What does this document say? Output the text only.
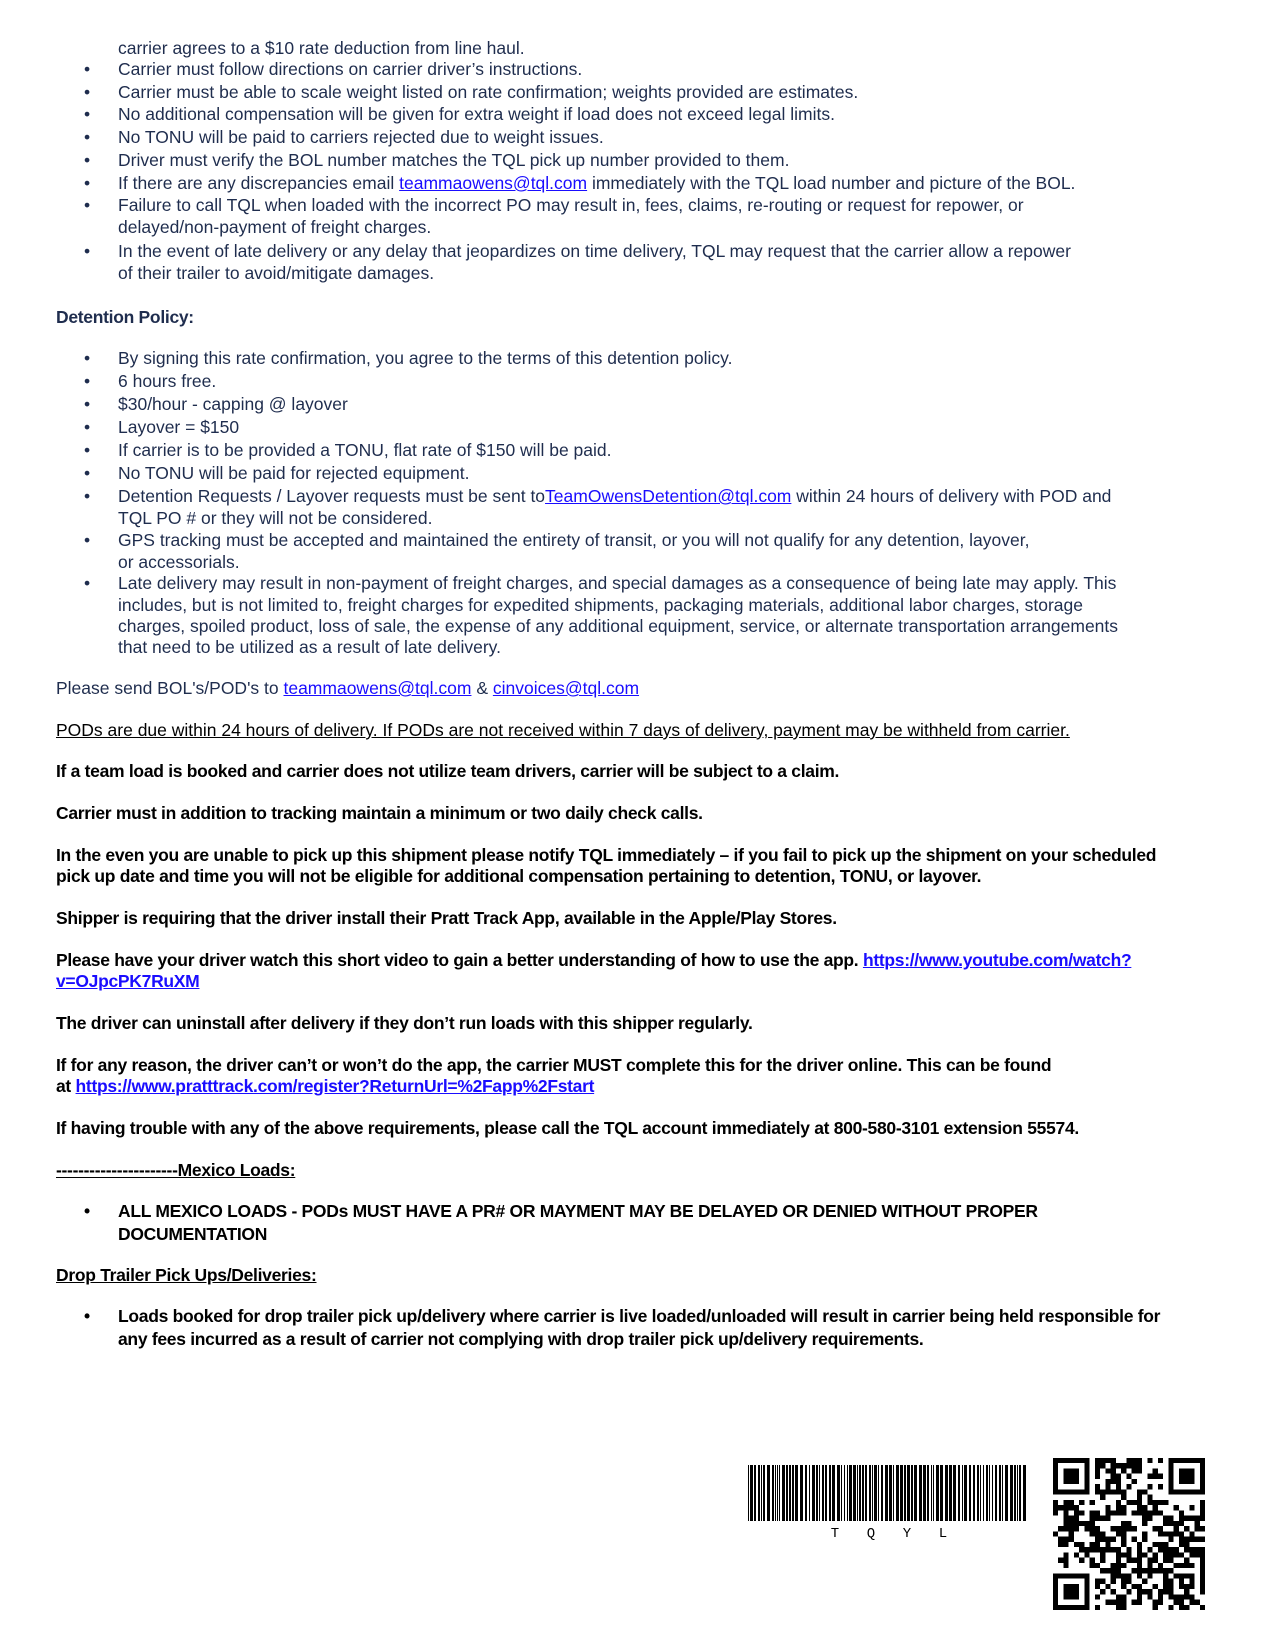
carrier agrees to a $10 rate deduction from line haul.
• Carrier must follow directions on carrier driver’s instructions.
• Carrier must be able to scale weight listed on rate confirmation; weights provided are estimates.
• No additional compensation will be given for extra weight if load does not exceed legal limits.
• No TONU will be paid to carriers rejected due to weight issues.
• Driver must verify the BOL number matches the TQL pick up number provided to them.
• If there are any discrepancies email teammaowens@tql.com immediately with the TQL load number and picture of the BOL.
• Failure to call TQL when loaded with the incorrect PO may result in, fees, claims, re-routing or request for repower, or
delayed/non-payment of freight charges.
• In the event of late delivery or any delay that jeopardizes on time delivery, TQL may request that the carrier allow a repower
of their trailer to avoid/mitigate damages.
Detention Policy:
• By signing this rate confirmation, you agree to the terms of this detention policy.
• 6 hours free.
• $30/hour - capping @ layover
• Layover = $150
• If carrier is to be provided a TONU, flat rate of $150 will be paid.
• No TONU will be paid for rejected equipment.
• Detention Requests / Layover requests must be sent toTeamOwensDetention@tql.com within 24 hours of delivery with POD and
TQL PO # or they will not be considered.
• GPS tracking must be accepted and maintained the entirety of transit, or you will not qualify for any detention, layover,
or accessorials.
• Late delivery may result in non-payment of freight charges, and special damages as a consequence of being late may apply. This
includes, but is not limited to, freight charges for expedited shipments, packaging materials, additional labor charges, storage
charges, spoiled product, loss of sale, the expense of any additional equipment, service, or alternate transportation arrangements
that need to be utilized as a result of late delivery.
Please send BOL's/POD's to teammaowens@tql.com & cinvoices@tql.com
PODs are due within 24 hours of delivery. If PODs are not received within 7 days of delivery, payment may be withheld from carrier.
If a team load is booked and carrier does not utilize team drivers, carrier will be subject to a claim.
Carrier must in addition to tracking maintain a minimum or two daily check calls.
In the even you are unable to pick up this shipment please notify TQL immediately – if you fail to pick up the shipment on your scheduled
pick up date and time you will not be eligible for additional compensation pertaining to detention, TONU, or layover.
Shipper is requiring that the driver install their Pratt Track App, available in the Apple/Play Stores.
Please have your driver watch this short video to gain a better understanding of how to use the app. https://www.youtube.com/watch?
v=OJpcPK7RuXM
The driver can uninstall after delivery if they don’t run loads with this shipper regularly.
If for any reason, the driver can’t or won’t do the app, the carrier MUST complete this for the driver online. This can be found
at https://www.pratttrack.com/register?ReturnUrl=%2Fapp%2Fstart
If having trouble with any of the above requirements, please call the TQL account immediately at 800-580-3101 extension 55574.
----------------------Mexico Loads:
• ALL MEXICO LOADS - PODs MUST HAVE A PR# OR MAYMENT MAY BE DELAYED OR DENIED WITHOUT PROPER
DOCUMENTATION
Drop Trailer Pick Ups/Deliveries:
• Loads booked for drop trailer pick up/delivery where carrier is live loaded/unloaded will result in carrier being held responsible for
any fees incurred as a result of carrier not complying with drop trailer pick up/delivery requirements.
T Q Y L
